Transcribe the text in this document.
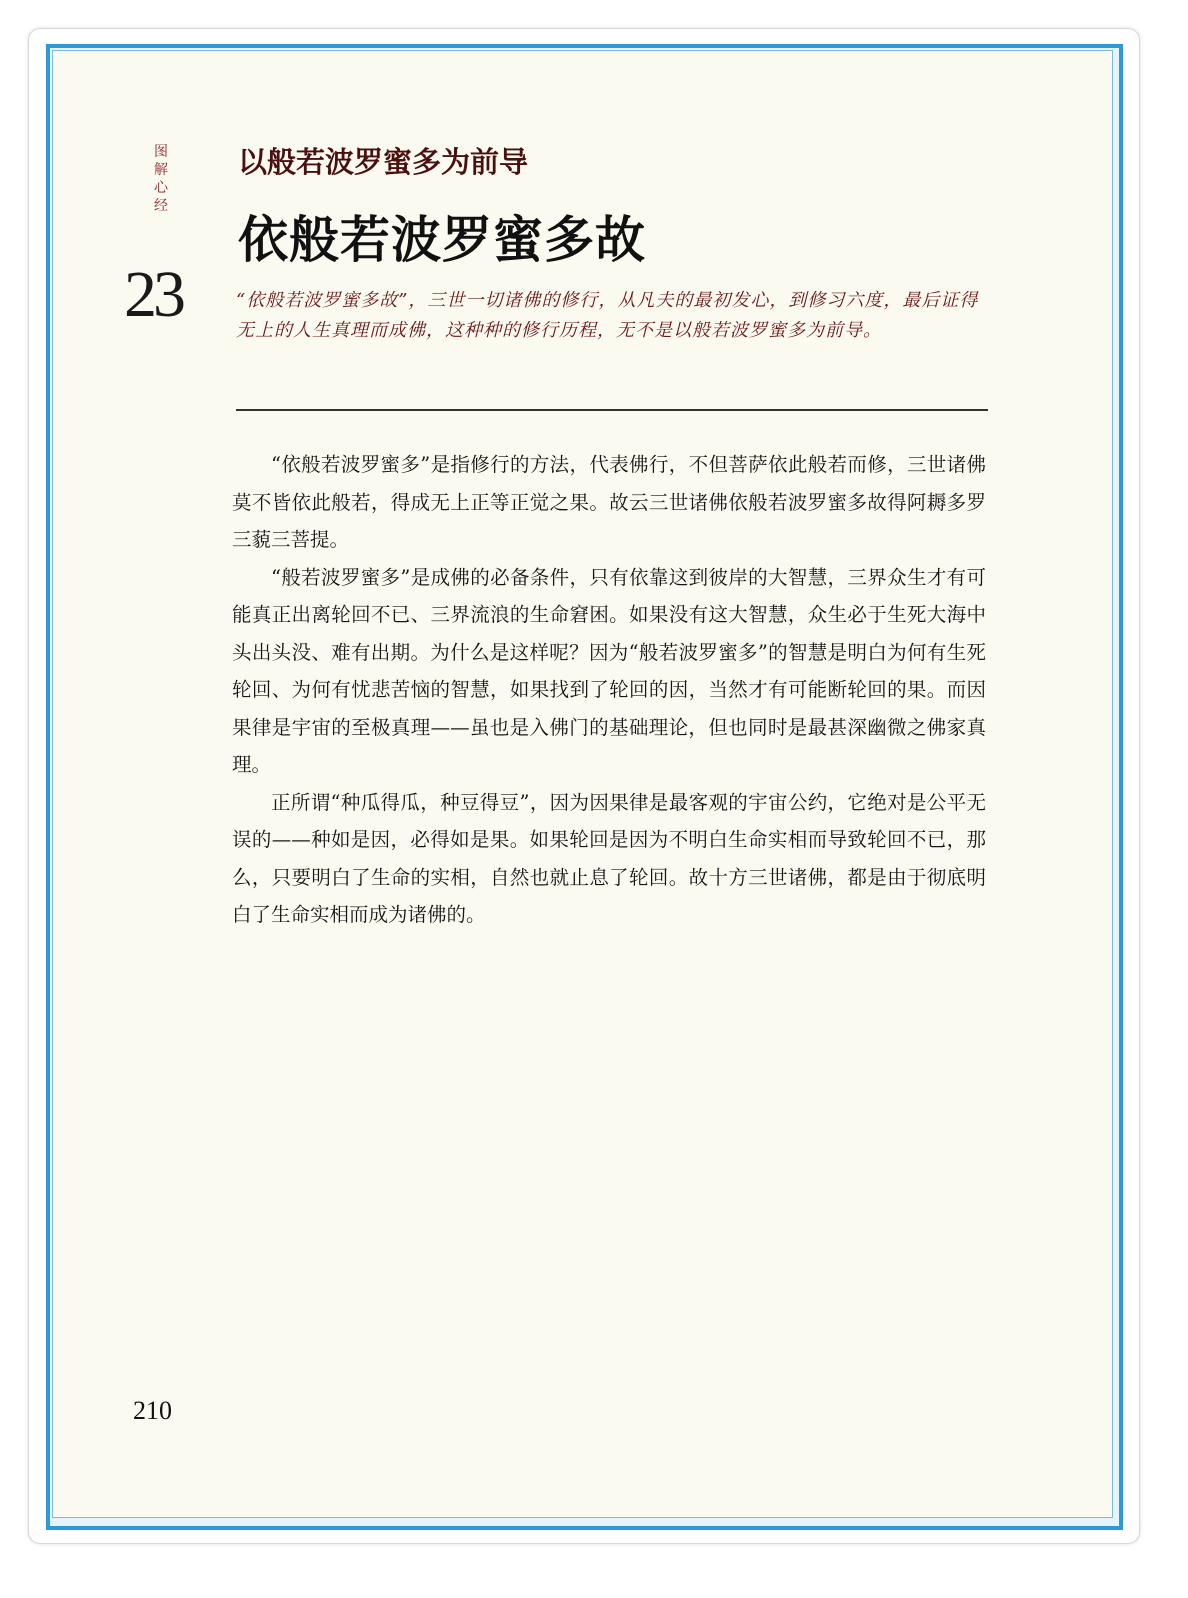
图解心经
23
以般若波罗蜜多为前导
依般若波罗蜜多故
“依般若波罗蜜多故”，三世一切诸佛的修行，从凡夫的最初发心，到修习六度，最后证得无上的人生真理而成佛，这种种的修行历程，无不是以般若波罗蜜多为前导。

“依般若波罗蜜多”是指修行的方法，代表佛行，不但菩萨依此般若而修，三世诸佛莫不皆依此般若，得成无上正等正觉之果。故云三世诸佛依般若波罗蜜多故得阿耨多罗三藐三菩提。

“般若波罗蜜多”是成佛的必备条件，只有依靠这到彼岸的大智慧，三界众生才有可能真正出离轮回不已、三界流浪的生命窘困。如果没有这大智慧，众生必于生死大海中头出头没、难有出期。为什么是这样呢？因为“般若波罗蜜多”的智慧是明白为何有生死轮回、为何有忧悲苦恼的智慧，如果找到了轮回的因，当然才有可能断轮回的果。而因果律是宇宙的至极真理——虽也是入佛门的基础理论，但也同时是最甚深幽微之佛家真理。

正所谓“种瓜得瓜，种豆得豆”，因为因果律是最客观的宇宙公约，它绝对是公平无误的——种如是因，必得如是果。如果轮回是因为不明白生命实相而导致轮回不已，那么，只要明白了生命的实相，自然也就止息了轮回。故十方三世诸佛，都是由于彻底明白了生命实相而成为诸佛的。

210
